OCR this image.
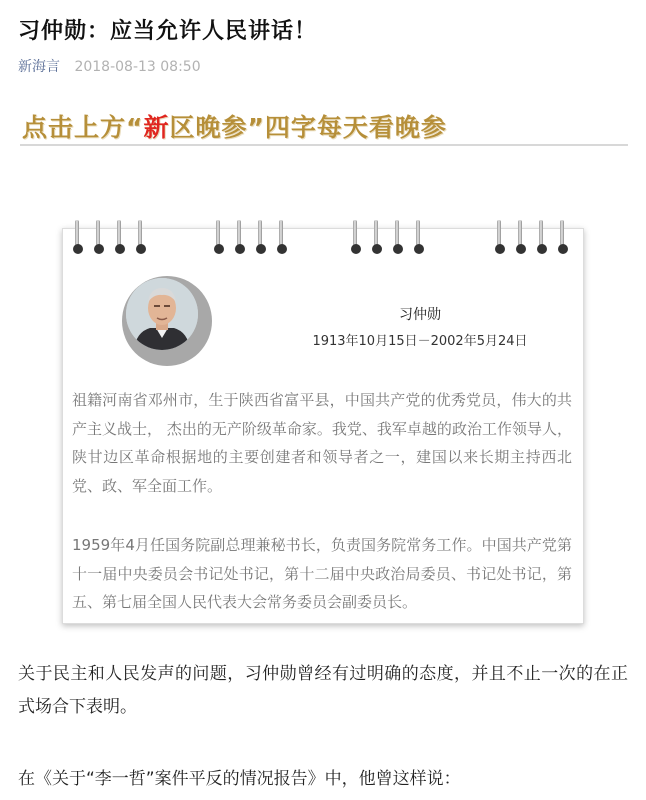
习仲勋：应当允许人民讲话！
新海言 2018-08-13 08:50
点击上方“新区晚参”四字每天看晚参
习仲勋
1913年10月15日－2002年5月24日

祖籍河南省邓州市，生于陕西省富平县，中国共产党的优秀党员，伟大的共产主义战士， 杰出的无产阶级革命家。我党、我军卓越的政治工作领导人，陕甘边区革命根据地的主要创建者和领导者之一，建国以来长期主持西北党、政、军全面工作。

1959年4月任国务院副总理兼秘书长，负责国务院常务工作。中国共产党第十一届中央委员会书记处书记，第十二届中央政治局委员、书记处书记，第五、第七届全国人民代表大会常务委员会副委员长。

关于民主和人民发声的问题，习仲勋曾经有过明确的态度，并且不止一次的在正式场合下表明。

在《关于“李一哲”案件平反的情况报告》中，他曾这样说：
